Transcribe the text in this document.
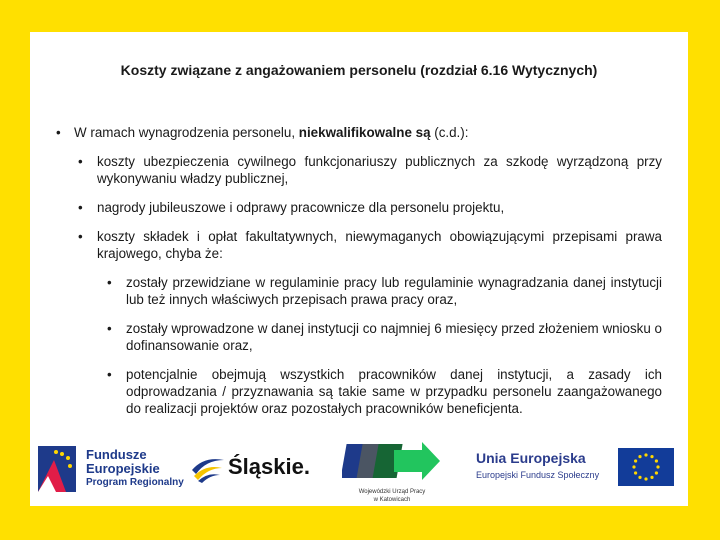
Koszty związane z angażowaniem personelu (rozdział 6.16 Wytycznych)
• W ramach wynagrodzenia personelu, niekwalifikowalne są (c.d.):
• koszty ubezpieczenia cywilnego funkcjonariuszy publicznych za szkodę wyrządzoną przy wykonywaniu władzy publicznej,
• nagrody jubileuszowe i odprawy pracownicze dla personelu projektu,
• koszty składek i opłat fakultatywnych, niewymaganych obowiązującymi przepisami prawa krajowego, chyba że:
• zostały przewidziane w regulaminie pracy lub regulaminie wynagradzania danej instytucji lub też innych właściwych przepisach prawa pracy oraz,
• zostały wprowadzone w danej instytucji co najmniej 6 miesięcy przed złożeniem wniosku o dofinansowanie oraz,
• potencjalnie obejmują wszystkich pracowników danej instytucji, a zasady ich odprowadzania / przyznawania są takie same w przypadku personelu zaangażowanego do realizacji projektów oraz pozostałych pracowników beneficjenta.
Fundusze
Europejskie
Program Regionalny
Śląskie.
Wojewódzki Urząd Pracy
w Katowicach
Unia Europejska
Europejski Fundusz Społeczny
